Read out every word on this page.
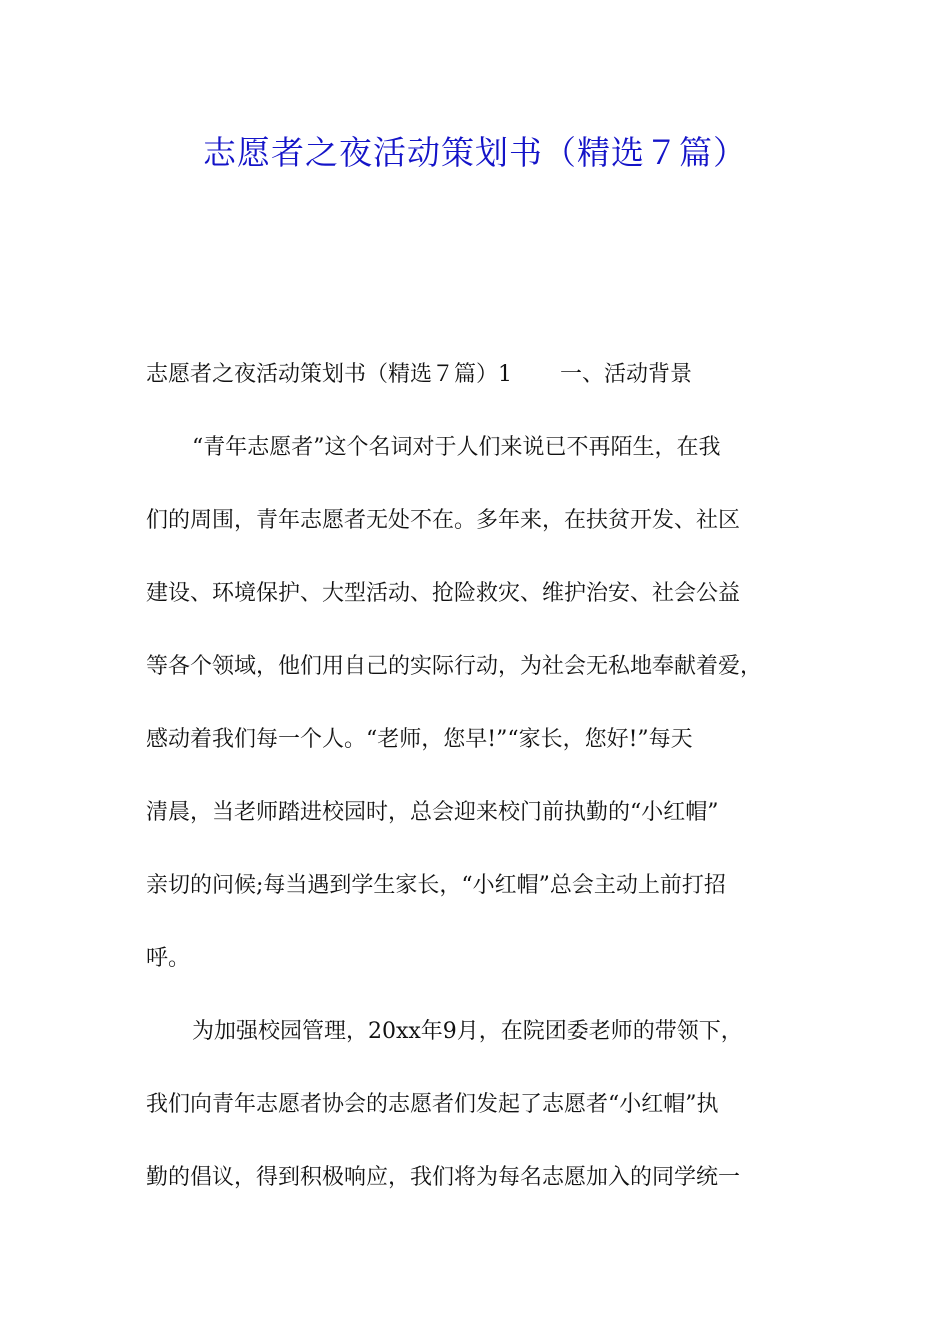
志愿者之夜活动策划书（精选７篇）
志愿者之夜活动策划书（精选７篇）1 一、活动背景
“青年志愿者”这个名词对于人们来说已不再陌生，在我
们的周围，青年志愿者无处不在。多年来，在扶贫开发、社区
建设、环境保护、大型活动、抢险救灾、维护治安、社会公益
等各个领域，他们用自己的实际行动，为社会无私地奉献着爱，
感动着我们每一个人。“老师，您早!”“家长，您好!”每天
清晨，当老师踏进校园时，总会迎来校门前执勤的“小红帽”
亲切的问候;每当遇到学生家长，“小红帽”总会主动上前打招
呼。
为加强校园管理，20xx年9月，在院团委老师的带领下，
我们向青年志愿者协会的志愿者们发起了志愿者“小红帽”执
勤的倡议，得到积极响应，我们将为每名志愿加入的同学统一
